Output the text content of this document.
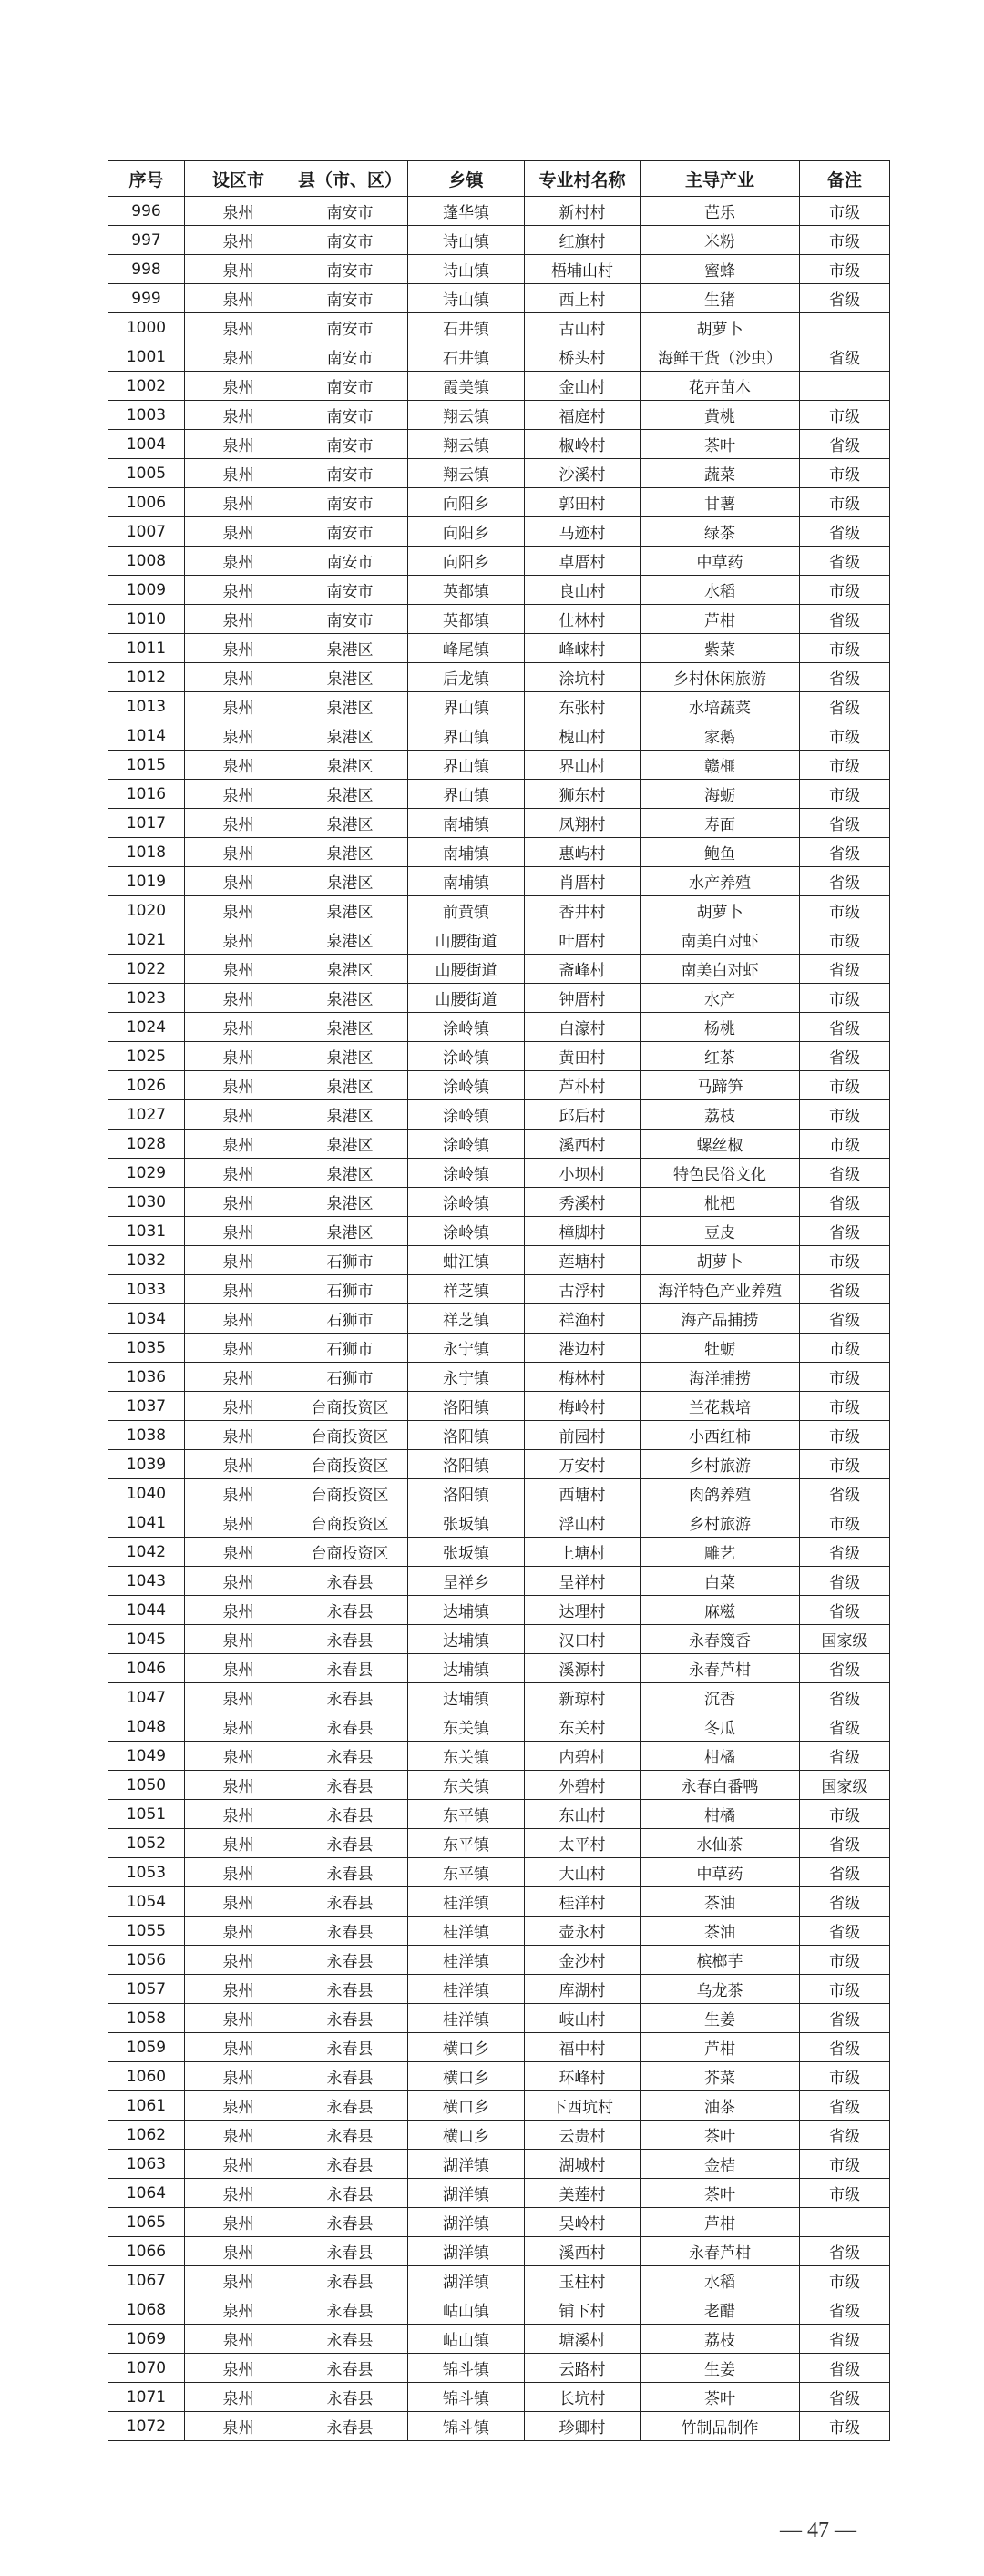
序号	设区市	县（市、区）	乡镇	专业村名称	主导产业	备注
996	泉州	南安市	蓬华镇	新村村	芭乐	市级
997	泉州	南安市	诗山镇	红旗村	米粉	市级
998	泉州	南安市	诗山镇	梧埔山村	蜜蜂	市级
999	泉州	南安市	诗山镇	西上村	生猪	省级
1000	泉州	南安市	石井镇	古山村	胡萝卜	
1001	泉州	南安市	石井镇	桥头村	海鲜干货（沙虫）	省级
1002	泉州	南安市	霞美镇	金山村	花卉苗木	
1003	泉州	南安市	翔云镇	福庭村	黄桃	市级
1004	泉州	南安市	翔云镇	椒岭村	茶叶	省级
1005	泉州	南安市	翔云镇	沙溪村	蔬菜	市级
1006	泉州	南安市	向阳乡	郭田村	甘薯	市级
1007	泉州	南安市	向阳乡	马迹村	绿茶	省级
1008	泉州	南安市	向阳乡	卓厝村	中草药	省级
1009	泉州	南安市	英都镇	良山村	水稻	市级
1010	泉州	南安市	英都镇	仕林村	芦柑	省级
1011	泉州	泉港区	峰尾镇	峰崃村	紫菜	市级
1012	泉州	泉港区	后龙镇	涂坑村	乡村休闲旅游	省级
1013	泉州	泉港区	界山镇	东张村	水培蔬菜	省级
1014	泉州	泉港区	界山镇	槐山村	家鹅	市级
1015	泉州	泉港区	界山镇	界山村	赣榧	市级
1016	泉州	泉港区	界山镇	狮东村	海蛎	市级
1017	泉州	泉港区	南埔镇	凤翔村	寿面	省级
1018	泉州	泉港区	南埔镇	惠屿村	鲍鱼	省级
1019	泉州	泉港区	南埔镇	肖厝村	水产养殖	省级
1020	泉州	泉港区	前黄镇	香井村	胡萝卜	市级
1021	泉州	泉港区	山腰街道	叶厝村	南美白对虾	市级
1022	泉州	泉港区	山腰街道	斋峰村	南美白对虾	省级
1023	泉州	泉港区	山腰街道	钟厝村	水产	市级
1024	泉州	泉港区	涂岭镇	白濠村	杨桃	省级
1025	泉州	泉港区	涂岭镇	黄田村	红茶	省级
1026	泉州	泉港区	涂岭镇	芦朴村	马蹄笋	市级
1027	泉州	泉港区	涂岭镇	邱后村	荔枝	市级
1028	泉州	泉港区	涂岭镇	溪西村	螺丝椒	市级
1029	泉州	泉港区	涂岭镇	小坝村	特色民俗文化	省级
1030	泉州	泉港区	涂岭镇	秀溪村	枇杷	省级
1031	泉州	泉港区	涂岭镇	樟脚村	豆皮	省级
1032	泉州	石狮市	蚶江镇	莲塘村	胡萝卜	市级
1033	泉州	石狮市	祥芝镇	古浮村	海洋特色产业养殖	省级
1034	泉州	石狮市	祥芝镇	祥渔村	海产品捕捞	省级
1035	泉州	石狮市	永宁镇	港边村	牡蛎	市级
1036	泉州	石狮市	永宁镇	梅林村	海洋捕捞	市级
1037	泉州	台商投资区	洛阳镇	梅岭村	兰花栽培	市级
1038	泉州	台商投资区	洛阳镇	前园村	小西红柿	市级
1039	泉州	台商投资区	洛阳镇	万安村	乡村旅游	市级
1040	泉州	台商投资区	洛阳镇	西塘村	肉鸽养殖	省级
1041	泉州	台商投资区	张坂镇	浮山村	乡村旅游	市级
1042	泉州	台商投资区	张坂镇	上塘村	雕艺	省级
1043	泉州	永春县	呈祥乡	呈祥村	白菜	省级
1044	泉州	永春县	达埔镇	达理村	麻糍	省级
1045	泉州	永春县	达埔镇	汉口村	永春篾香	国家级
1046	泉州	永春县	达埔镇	溪源村	永春芦柑	省级
1047	泉州	永春县	达埔镇	新琼村	沉香	省级
1048	泉州	永春县	东关镇	东关村	冬瓜	省级
1049	泉州	永春县	东关镇	内碧村	柑橘	省级
1050	泉州	永春县	东关镇	外碧村	永春白番鸭	国家级
1051	泉州	永春县	东平镇	东山村	柑橘	市级
1052	泉州	永春县	东平镇	太平村	水仙茶	省级
1053	泉州	永春县	东平镇	大山村	中草药	省级
1054	泉州	永春县	桂洋镇	桂洋村	茶油	省级
1055	泉州	永春县	桂洋镇	壶永村	茶油	省级
1056	泉州	永春县	桂洋镇	金沙村	槟榔芋	市级
1057	泉州	永春县	桂洋镇	库湖村	乌龙茶	市级
1058	泉州	永春县	桂洋镇	岐山村	生姜	省级
1059	泉州	永春县	横口乡	福中村	芦柑	省级
1060	泉州	永春县	横口乡	环峰村	芥菜	市级
1061	泉州	永春县	横口乡	下西坑村	油茶	省级
1062	泉州	永春县	横口乡	云贵村	茶叶	省级
1063	泉州	永春县	湖洋镇	湖城村	金桔	市级
1064	泉州	永春县	湖洋镇	美莲村	茶叶	市级
1065	泉州	永春县	湖洋镇	吴岭村	芦柑	
1066	泉州	永春县	湖洋镇	溪西村	永春芦柑	省级
1067	泉州	永春县	湖洋镇	玉柱村	水稻	市级
1068	泉州	永春县	岵山镇	铺下村	老醋	省级
1069	泉州	永春县	岵山镇	塘溪村	荔枝	省级
1070	泉州	永春县	锦斗镇	云路村	生姜	省级
1071	泉州	永春县	锦斗镇	长坑村	茶叶	省级
1072	泉州	永春县	锦斗镇	珍卿村	竹制品制作	市级
— 47 —
